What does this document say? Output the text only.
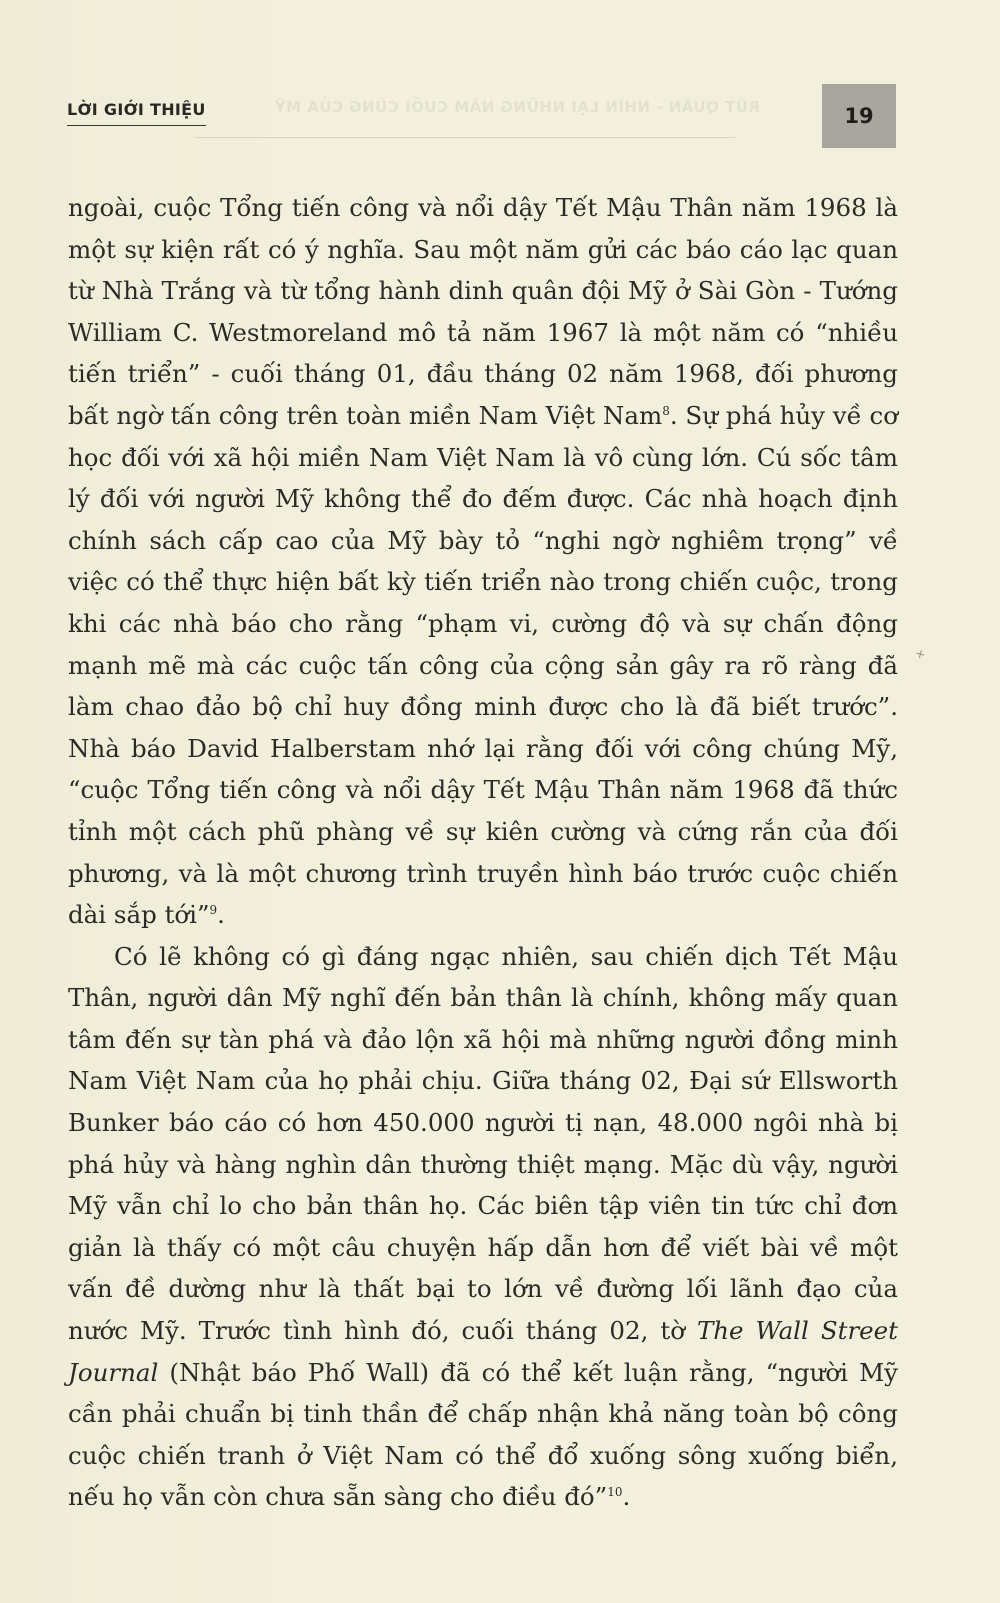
RÚT QUÂN - NHÌN LẠI NHỮNG NĂM CUỐI CÙNG CỦA MỸ
LỜI GIỚI THIỆU	19

ngoài, cuộc Tổng tiến công và nổi dậy Tết Mậu Thân năm 1968 là một sự kiện rất có ý nghĩa. Sau một năm gửi các báo cáo lạc quan từ Nhà Trắng và từ tổng hành dinh quân đội Mỹ ở Sài Gòn - Tướng William C. Westmoreland mô tả năm 1967 là một năm có “nhiều tiến triển” - cuối tháng 01, đầu tháng 02 năm 1968, đối phương bất ngờ tấn công trên toàn miền Nam Việt Nam$^8$. Sự phá hủy về cơ học đối với xã hội miền Nam Việt Nam là vô cùng lớn. Cú sốc tâm lý đối với người Mỹ không thể đo đếm được. Các nhà hoạch định chính sách cấp cao của Mỹ bày tỏ “nghi ngờ nghiêm trọng” về việc có thể thực hiện bất kỳ tiến triển nào trong chiến cuộc, trong khi các nhà báo cho rằng “phạm vi, cường độ và sự chấn động mạnh mẽ mà các cuộc tấn công của cộng sản gây ra rõ ràng đã làm chao đảo bộ chỉ huy đồng minh được cho là đã biết trước”. Nhà báo David Halberstam nhớ lại rằng đối với công chúng Mỹ, “cuộc Tổng tiến công và nổi dậy Tết Mậu Thân năm 1968 đã thức tỉnh một cách phũ phàng về sự kiên cường và cứng rắn của đối phương, và là một chương trình truyền hình báo trước cuộc chiến dài sắp tới”$^9$.

Có lẽ không có gì đáng ngạc nhiên, sau chiến dịch Tết Mậu Thân, người dân Mỹ nghĩ đến bản thân là chính, không mấy quan tâm đến sự tàn phá và đảo lộn xã hội mà những người đồng minh Nam Việt Nam của họ phải chịu. Giữa tháng 02, Đại sứ Ellsworth Bunker báo cáo có hơn 450.000 người tị nạn, 48.000 ngôi nhà bị phá hủy và hàng nghìn dân thường thiệt mạng. Mặc dù vậy, người Mỹ vẫn chỉ lo cho bản thân họ. Các biên tập viên tin tức chỉ đơn giản là thấy có một câu chuyện hấp dẫn hơn để viết bài về một vấn đề dường như là thất bại to lớn về đường lối lãnh đạo của nước Mỹ. Trước tình hình đó, cuối tháng 02, tờ The Wall Street Journal (Nhật báo Phố Wall) đã có thể kết luận rằng, “người Mỹ cần phải chuẩn bị tinh thần để chấp nhận khả năng toàn bộ công cuộc chiến tranh ở Việt Nam có thể đổ xuống sông xuống biển, nếu họ vẫn còn chưa sẵn sàng cho điều đó”$^{10}$.

✕
